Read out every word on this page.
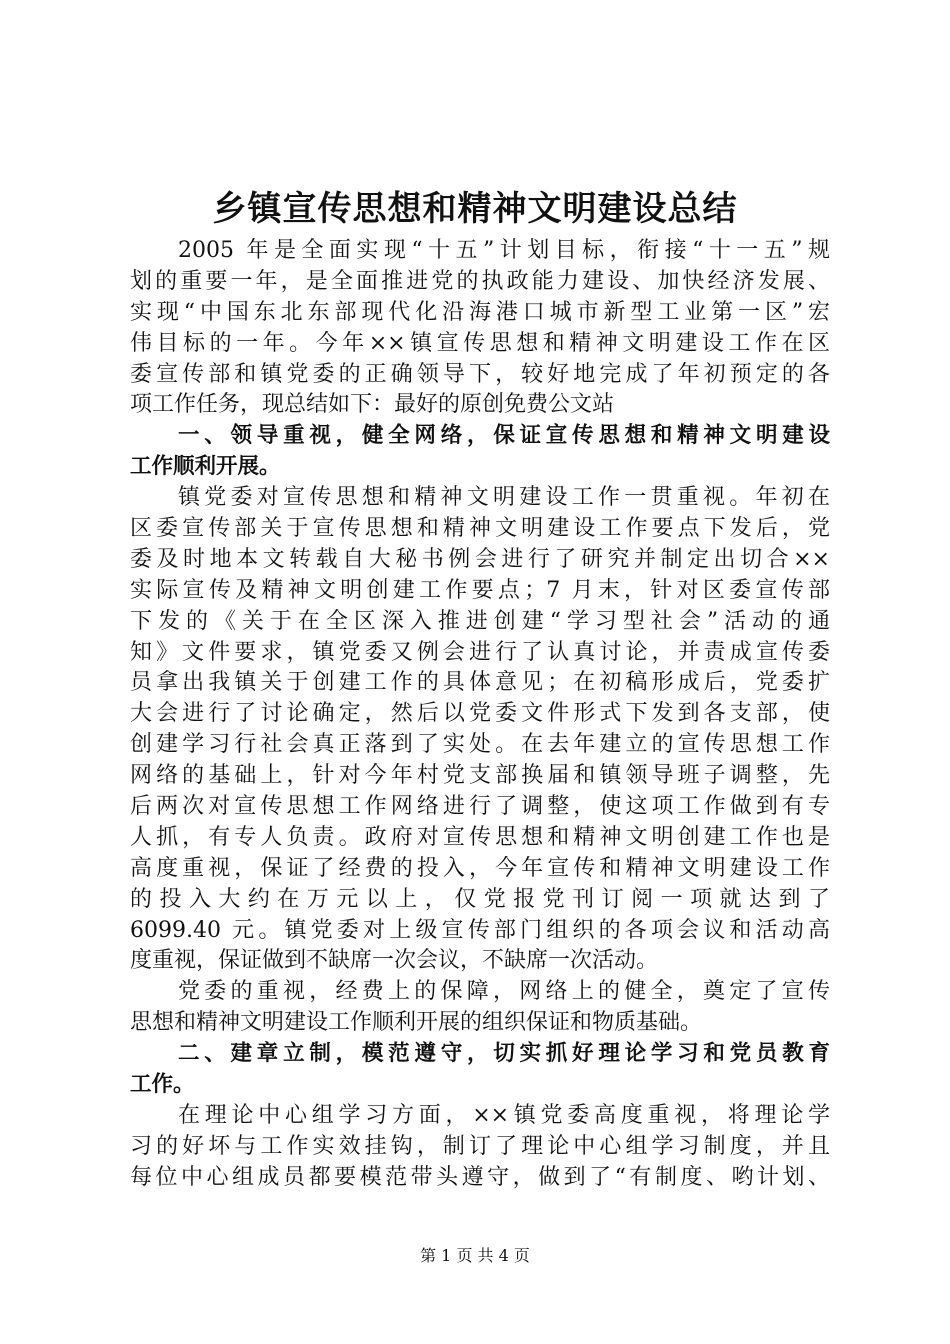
乡镇宣传思想和精神文明建设总结
2005 年是全面实现“十五”计划目标，衔接“十一五”规
划的重要一年，是全面推进党的执政能力建设、加快经济发展、
实现“中国东北东部现代化沿海港口城市新型工业第一区”宏
伟目标的一年。今年××镇宣传思想和精神文明建设工作在区
委宣传部和镇党委的正确领导下，较好地完成了年初预定的各
项工作任务，现总结如下：最好的原创免费公文站
一、领导重视，健全网络，保证宣传思想和精神文明建设
工作顺利开展。
镇党委对宣传思想和精神文明建设工作一贯重视。年初在
区委宣传部关于宣传思想和精神文明建设工作要点下发后，党
委及时地本文转载自大秘书例会进行了研究并制定出切合××
实际宣传及精神文明创建工作要点；7 月末，针对区委宣传部
下发的《关于在全区深入推进创建“学习型社会”活动的通
知》文件要求，镇党委又例会进行了认真讨论，并责成宣传委
员拿出我镇关于创建工作的具体意见；在初稿形成后，党委扩
大会进行了讨论确定，然后以党委文件形式下发到各支部，使
创建学习行社会真正落到了实处。在去年建立的宣传思想工作
网络的基础上，针对今年村党支部换届和镇领导班子调整，先
后两次对宣传思想工作网络进行了调整，使这项工作做到有专
人抓，有专人负责。政府对宣传思想和精神文明创建工作也是
高度重视，保证了经费的投入，今年宣传和精神文明建设工作
的投入大约在万元以上，仅党报党刊订阅一项就达到了
6099.40 元。镇党委对上级宣传部门组织的各项会议和活动高
度重视，保证做到不缺席一次会议，不缺席一次活动。
党委的重视，经费上的保障，网络上的健全，奠定了宣传
思想和精神文明建设工作顺利开展的组织保证和物质基础。
二、建章立制，模范遵守，切实抓好理论学习和党员教育
工作。
在理论中心组学习方面，××镇党委高度重视，将理论学
习的好坏与工作实效挂钩，制订了理论中心组学习制度，并且
每位中心组成员都要模范带头遵守，做到了“有制度、哟计划、
第 1 页 共 4 页
